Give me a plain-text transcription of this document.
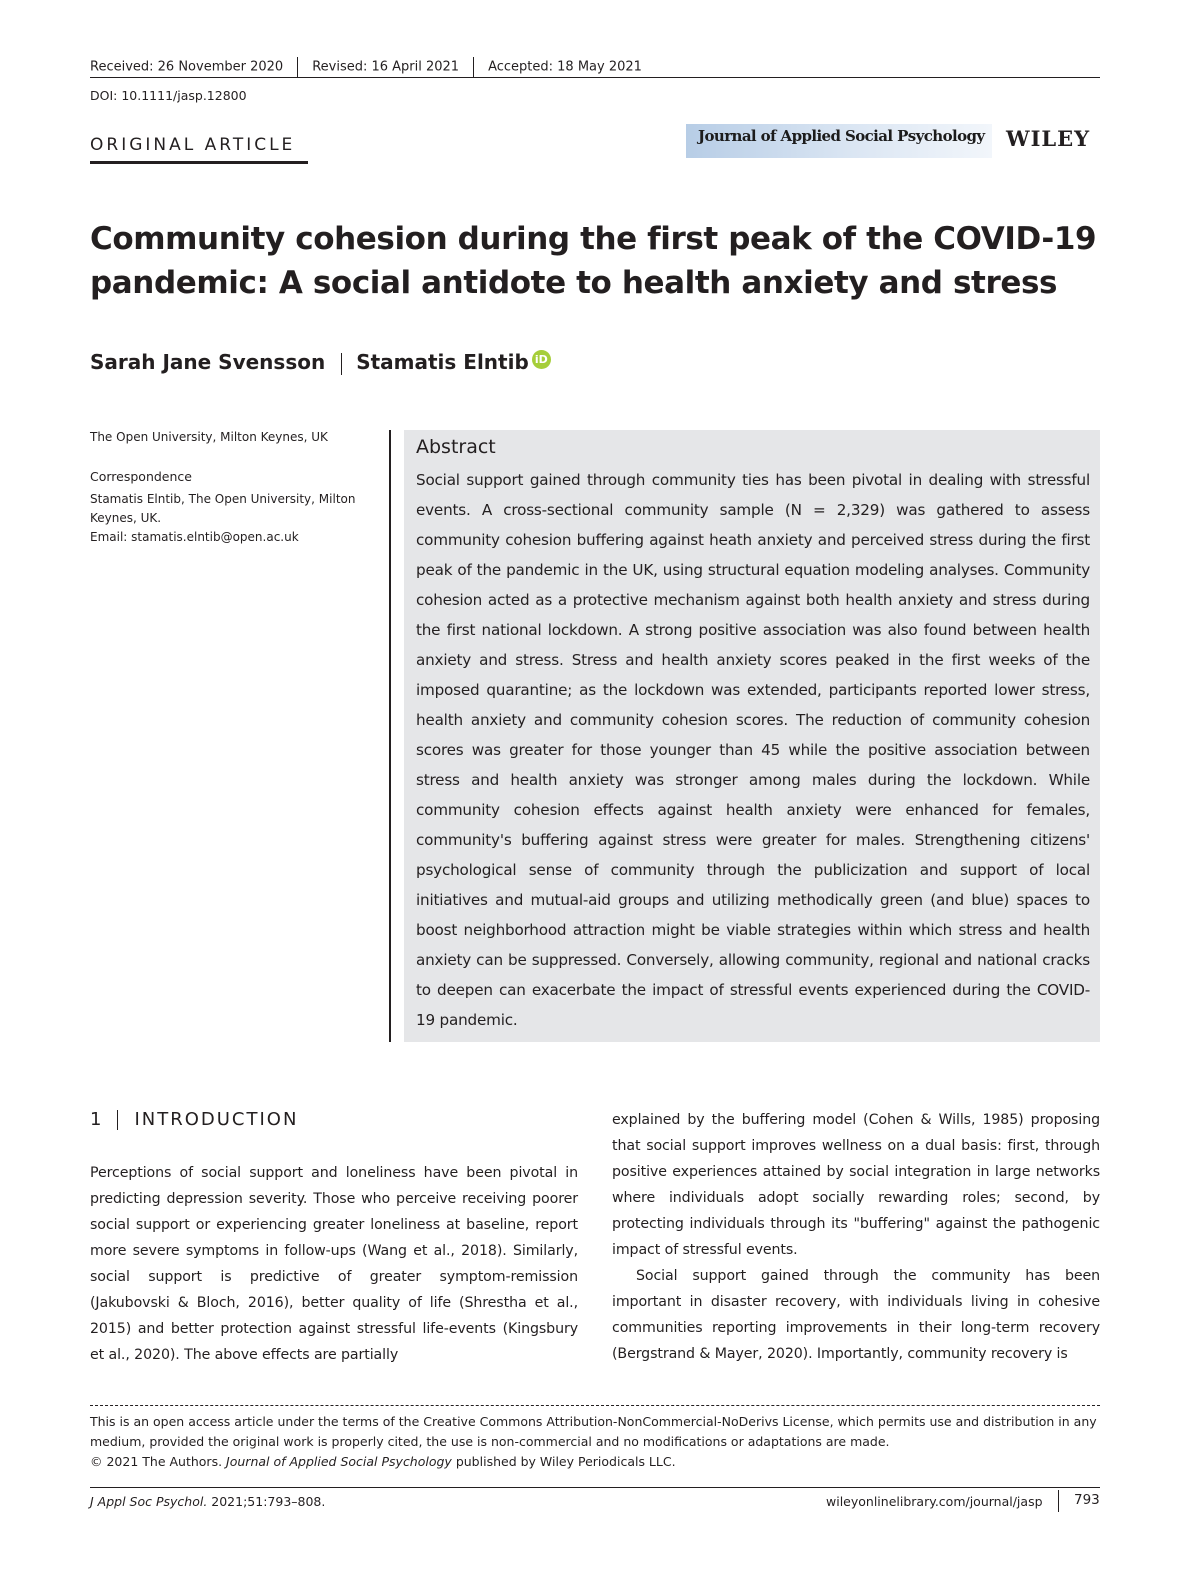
Received: 26 November 2020 Revised: 16 April 2021 Accepted: 18 May 2021
DOI: 10.1111/jasp.12800
ORIGINAL ARTICLE	Journal of Applied Social Psychology WILEY
Community cohesion during the first peak of the COVID-19 pandemic: A social antidote to health anxiety and stress
Sarah Jane Svensson Stamatis Elntib iD
The Open University, Milton Keynes, UK
Correspondence
Stamatis Elntib, The Open University, Milton Keynes, UK.
Email: stamatis.elntib@open.ac.uk
Abstract
Social support gained through community ties has been pivotal in dealing with stressful events. A cross-sectional community sample (N = 2,329) was gathered to assess community cohesion buffering against heath anxiety and perceived stress during the first peak of the pandemic in the UK, using structural equation modeling analyses. Community cohesion acted as a protective mechanism against both health anxiety and stress during the first national lockdown. A strong positive association was also found between health anxiety and stress. Stress and health anxiety scores peaked in the first weeks of the imposed quarantine; as the lockdown was extended, participants reported lower stress, health anxiety and community cohesion scores. The reduction of community cohesion scores was greater for those younger than 45 while the positive association between stress and health anxiety was stronger among males during the lockdown. While community cohesion effects against health anxiety were enhanced for females, community's buffering against stress were greater for males. Strengthening citizens' psychological sense of community through the publicization and support of local initiatives and mutual-aid groups and utilizing methodically green (and blue) spaces to boost neighborhood attraction might be viable strategies within which stress and health anxiety can be suppressed. Conversely, allowing community, regional and national cracks to deepen can exacerbate the impact of stressful events experienced during the COVID-19 pandemic.
1 INTRODUCTION

Perceptions of social support and loneliness have been pivotal in predicting depression severity. Those who perceive receiving poorer social support or experiencing greater loneliness at baseline, report more severe symptoms in follow-ups (Wang et al., 2018). Similarly, social support is predictive of greater symptom-remission (Jakubovski & Bloch, 2016), better quality of life (Shrestha et al., 2015) and better protection against stressful life-events (Kingsbury et al., 2020). The above effects are partially

explained by the buffering model (Cohen & Wills, 1985) proposing that social support improves wellness on a dual basis: first, through positive experiences attained by social integration in large networks where individuals adopt socially rewarding roles; second, by protecting individuals through its "buffering" against the pathogenic impact of stressful events.

Social support gained through the community has been important in disaster recovery, with individuals living in cohesive communities reporting improvements in their long-term recovery (Bergstrand & Mayer, 2020). Importantly, community recovery is

This is an open access article under the terms of the Creative Commons Attribution-NonCommercial-NoDerivs License, which permits use and distribution in any medium, provided the original work is properly cited, the use is non-commercial and no modifications or adaptations are made.

© 2021 The Authors. Journal of Applied Social Psychology published by Wiley Periodicals LLC.

J Appl Soc Psychol. 2021;51:793–808.	wileyonlinelibrary.com/journal/jasp 793
